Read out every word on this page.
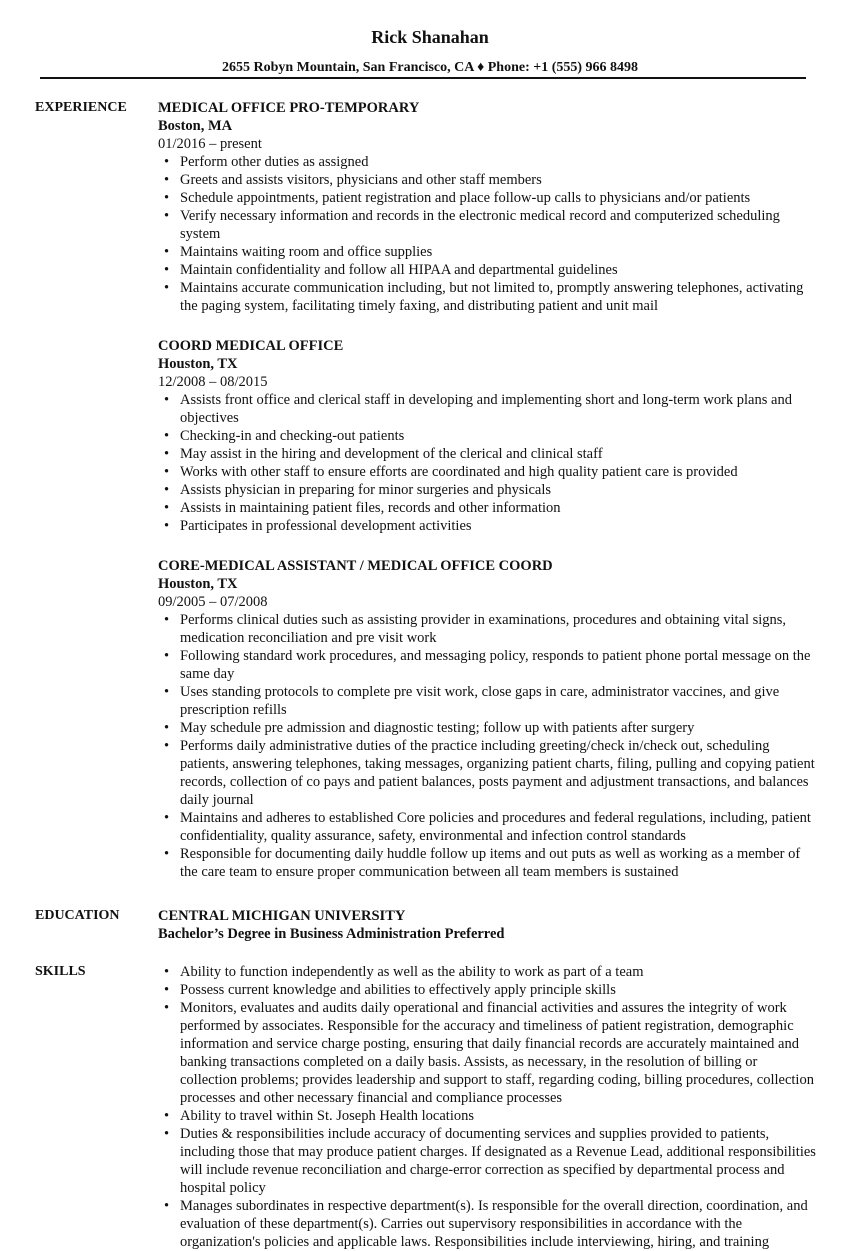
Rick Shanahan
2655 Robyn Mountain, San Francisco, CA ♦ Phone: +1 (555) 966 8498
EXPERIENCE	MEDICAL OFFICE PRO-TEMPORARY
Boston, MA
01/2016 – present
• Perform other duties as assigned
• Greets and assists visitors, physicians and other staff members
• Schedule appointments, patient registration and place follow-up calls to physicians and/or patients
• Verify necessary information and records in the electronic medical record and computerized scheduling system
• Maintains waiting room and office supplies
• Maintain confidentiality and follow all HIPAA and departmental guidelines
• Maintains accurate communication including, but not limited to, promptly answering telephones, activating the paging system, facilitating timely faxing, and distributing patient and unit mail
COORD MEDICAL OFFICE
Houston, TX
12/2008 – 08/2015
• Assists front office and clerical staff in developing and implementing short and long-term work plans and objectives
• Checking-in and checking-out patients
• May assist in the hiring and development of the clerical and clinical staff
• Works with other staff to ensure efforts are coordinated and high quality patient care is provided
• Assists physician in preparing for minor surgeries and physicals
• Assists in maintaining patient files, records and other information
• Participates in professional development activities
CORE-MEDICAL ASSISTANT / MEDICAL OFFICE COORD
Houston, TX
09/2005 – 07/2008
• Performs clinical duties such as assisting provider in examinations, procedures and obtaining vital signs, medication reconciliation and pre visit work
• Following standard work procedures, and messaging policy, responds to patient phone portal message on the same day
• Uses standing protocols to complete pre visit work, close gaps in care, administrator vaccines, and give prescription refills
• May schedule pre admission and diagnostic testing; follow up with patients after surgery
• Performs daily administrative duties of the practice including greeting/check in/check out, scheduling patients, answering telephones, taking messages, organizing patient charts, filing, pulling and copying patient records, collection of co pays and patient balances, posts payment and adjustment transactions, and balances daily journal
• Maintains and adheres to established Core policies and procedures and federal regulations, including, patient confidentiality, quality assurance, safety, environmental and infection control standards
• Responsible for documenting daily huddle follow up items and out puts as well as working as a member of the care team to ensure proper communication between all team members is sustained
EDUCATION	CENTRAL MICHIGAN UNIVERSITY
Bachelor’s Degree in Business Administration Preferred
SKILLS
•	Ability to function independently as well as the ability to work as part of a team
• Possess current knowledge and abilities to effectively apply principle skills
• Monitors, evaluates and audits daily operational and financial activities and assures the integrity of work performed by associates. Responsible for the accuracy and timeliness of patient registration, demographic information and service charge posting, ensuring that daily financial records are accurately maintained and banking transactions completed on a daily basis. Assists, as necessary, in the resolution of billing or collection problems; provides leadership and support to staff, regarding coding, billing procedures, collection processes and other necessary financial and compliance processes
• Ability to travel within St. Joseph Health locations
• Duties & responsibilities include accuracy of documenting services and supplies provided to patients, including those that may produce patient charges. If designated as a Revenue Lead, additional responsibilities will include revenue reconciliation and charge-error correction as specified by departmental process and hospital policy
• Manages subordinates in respective department(s). Is responsible for the overall direction, coordination, and evaluation of these department(s). Carries out supervisory responsibilities in accordance with the organization's policies and applicable laws. Responsibilities include interviewing, hiring, and training
